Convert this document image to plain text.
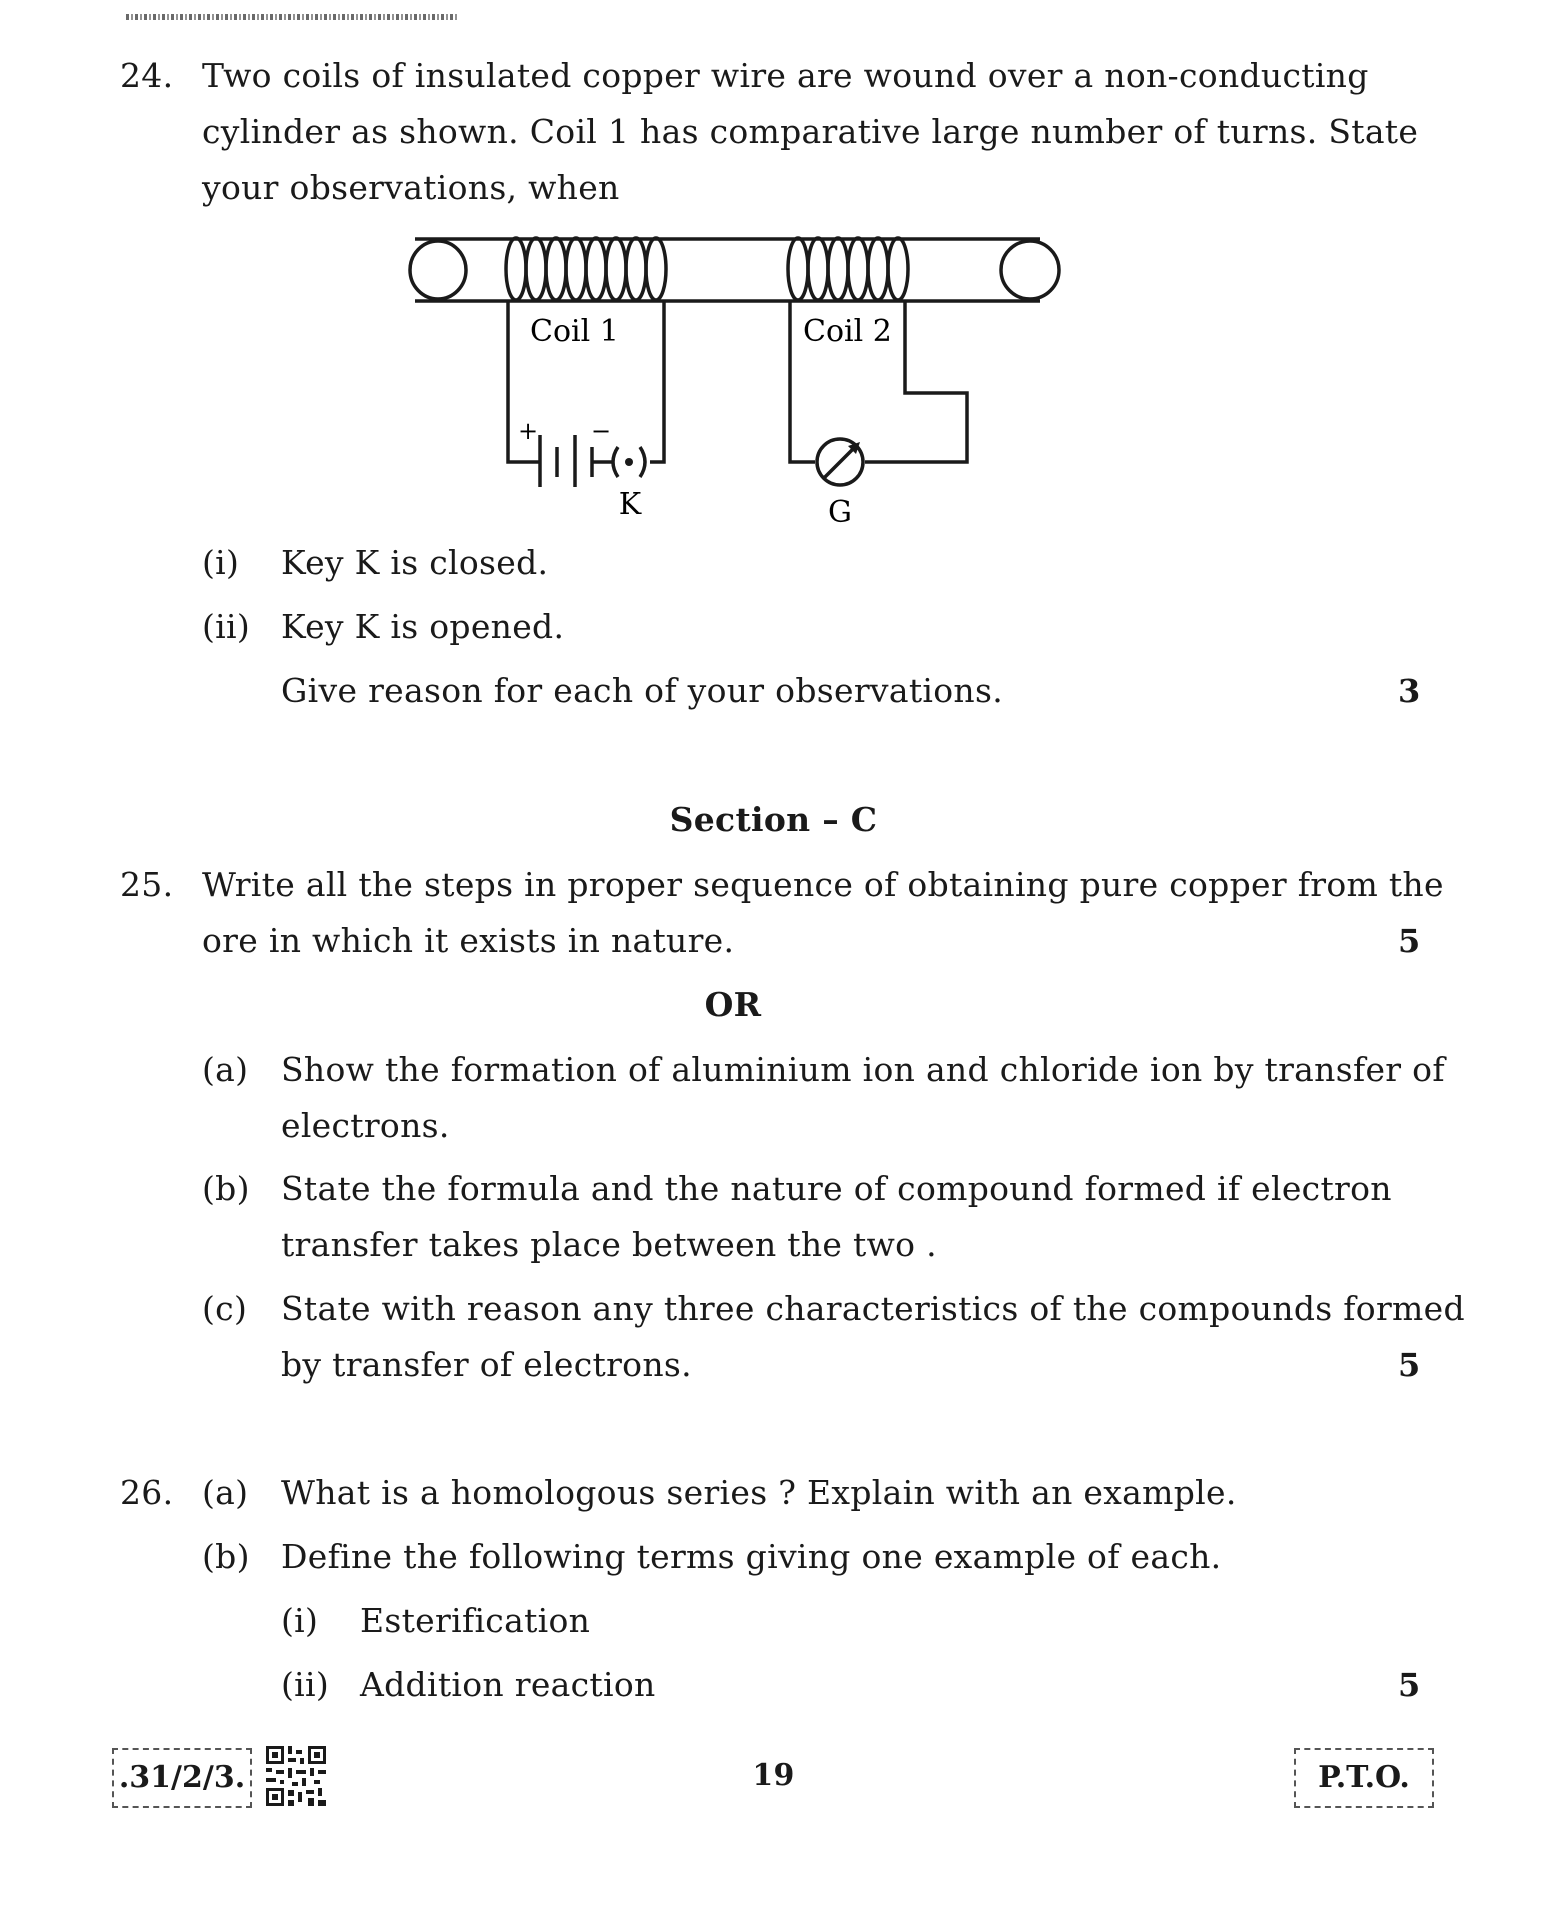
24. Two coils of insulated copper wire are wound over a non-conducting
cylinder as shown. Coil 1 has comparative large number of turns. State
your observations, when
Coil 1	Coil 2
+ −
K	G
(i) Key K is closed.
(ii) Key K is opened.
Give reason for each of your observations.	3
Section – C
25. Write all the steps in proper sequence of obtaining pure copper from the
ore in which it exists in nature.	5
OR
(a) Show the formation of aluminium ion and chloride ion by transfer of
electrons.
(b) State the formula and the nature of compound formed if electron
transfer takes place between the two .
(c) State with reason any three characteristics of the compounds formed
by transfer of electrons.	5
26. (a) What is a homologous series ? Explain with an example.
(b) Define the following terms giving one example of each.
(i) Esterification
(ii) Addition reaction	5
.31/2/3.	19	P.T.O.
